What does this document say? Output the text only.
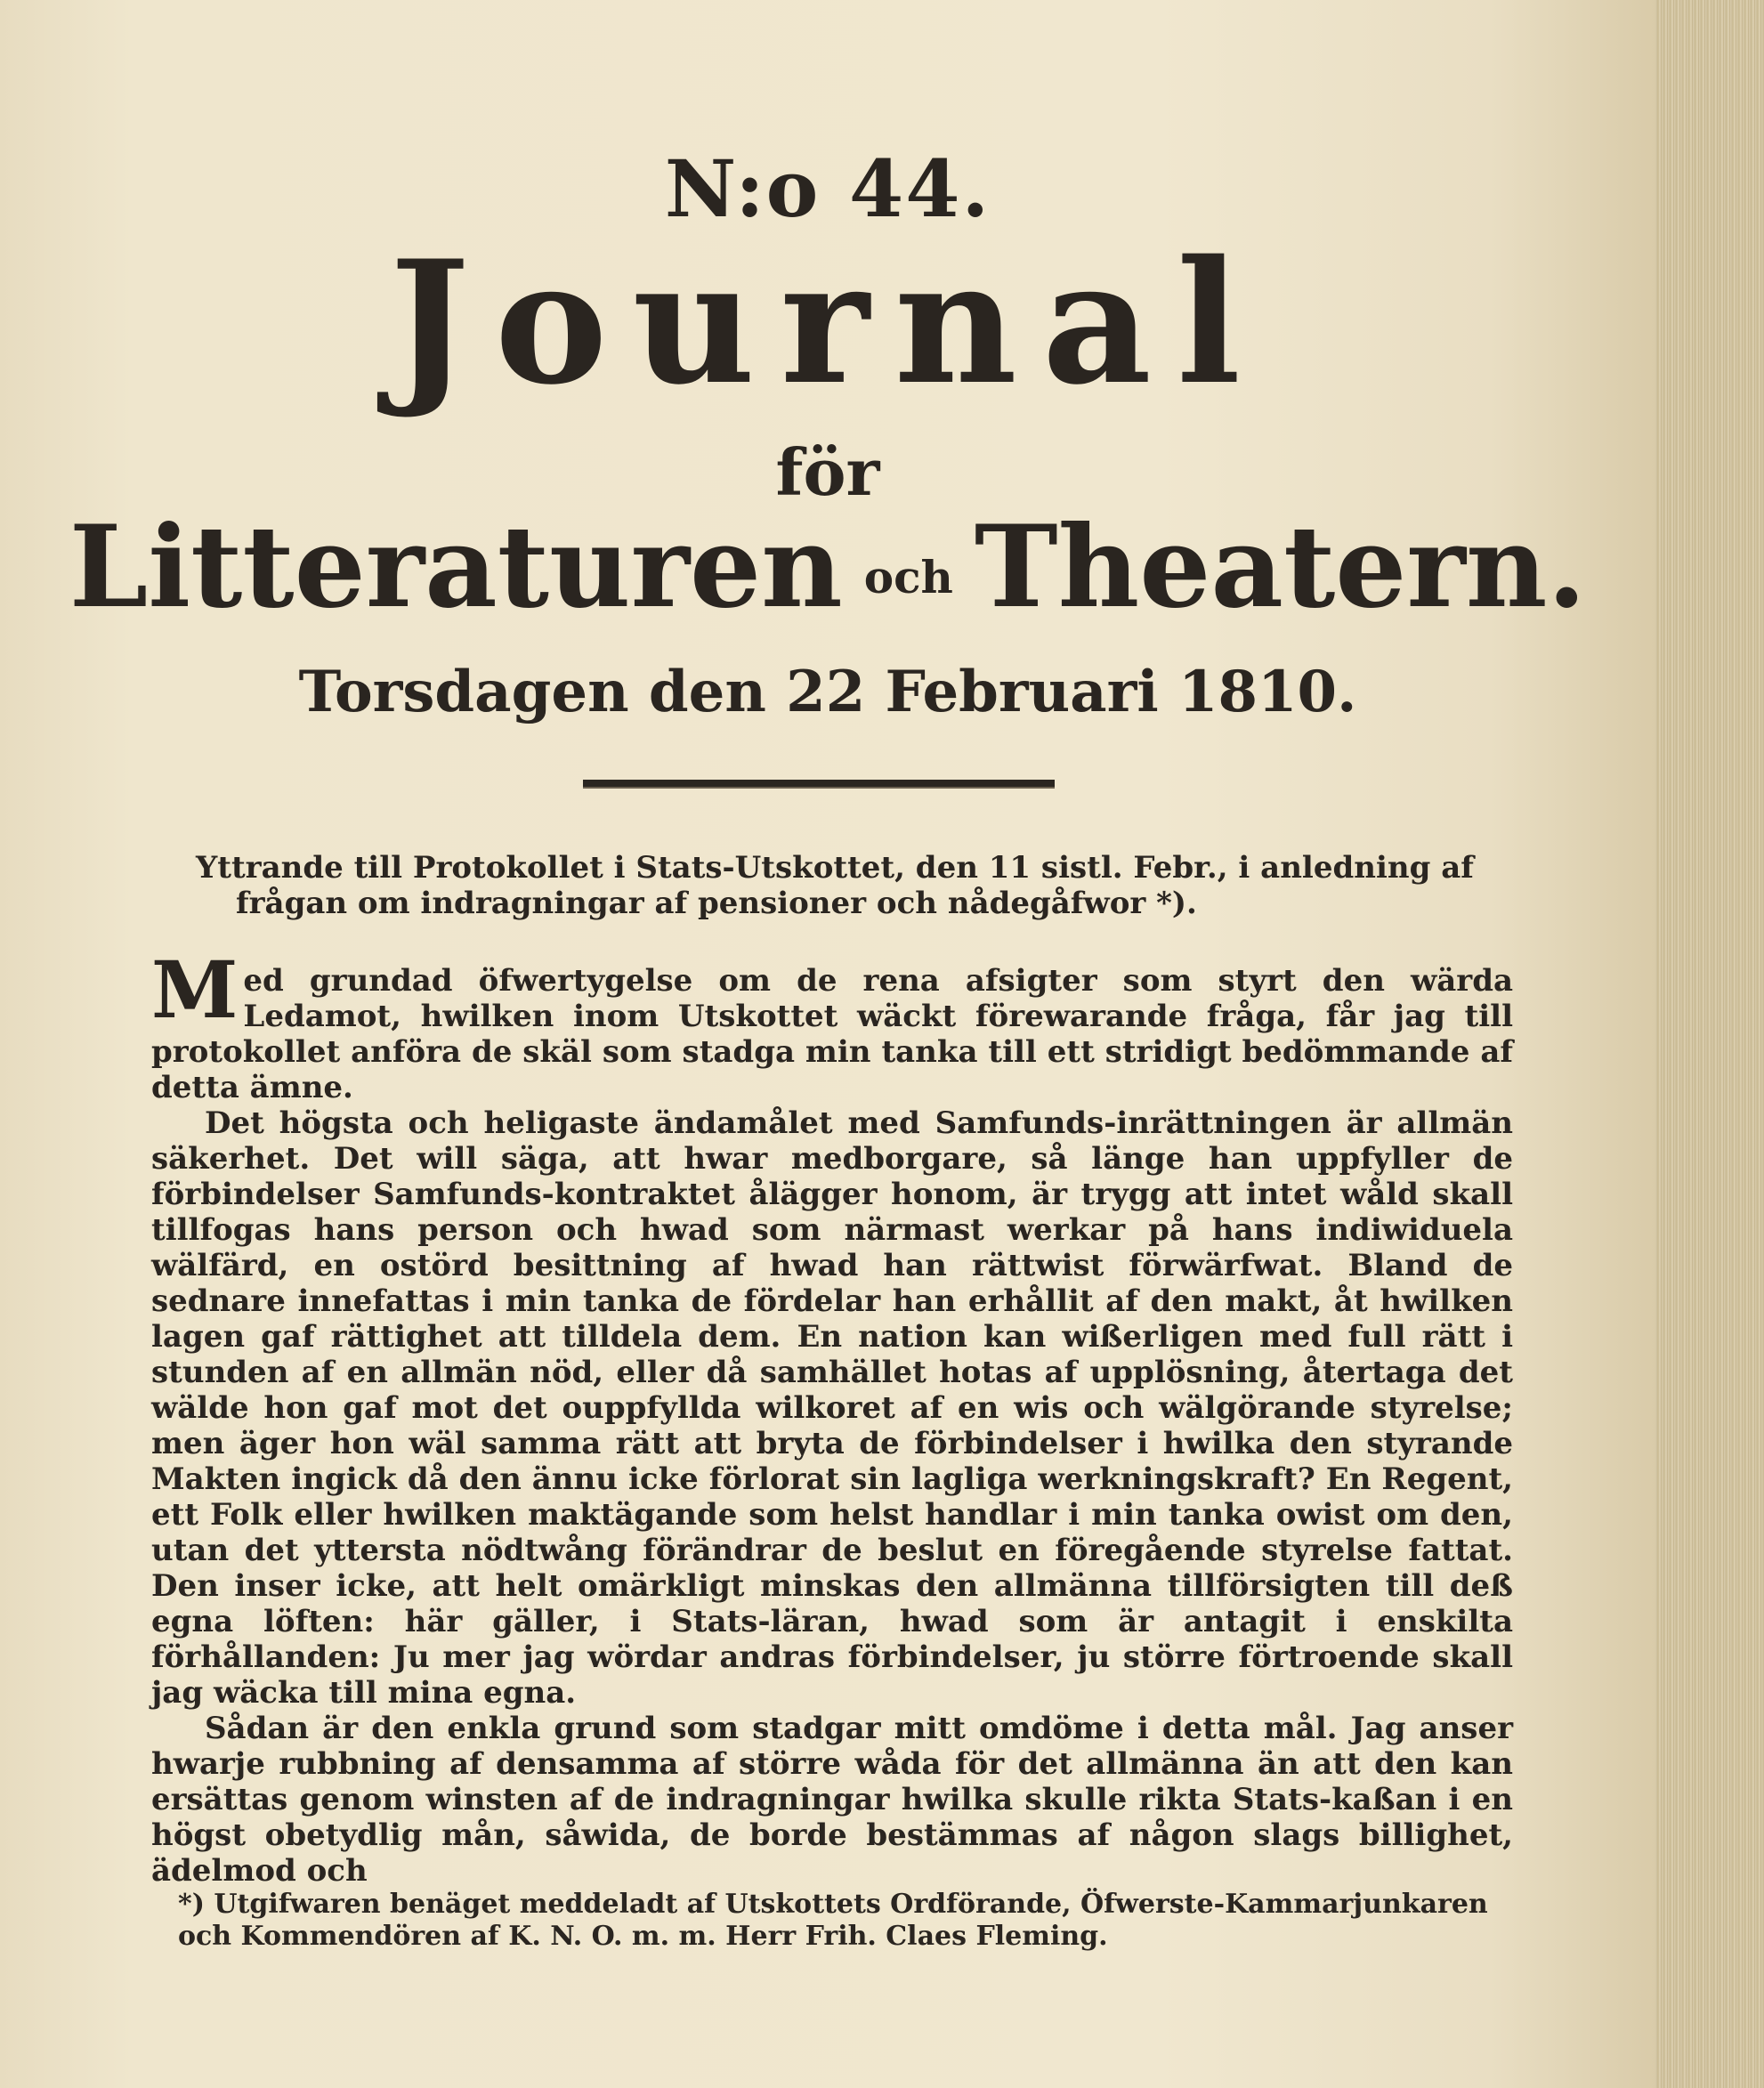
N:o 44.
Journal
för
Litteraturen och Theatern.
Torsdagen den 22 Februari 1810.
Yttrande till Protokollet i Stats-Utskottet, den 11 sistl. Febr., i anledning af frågan om indragningar af pensioner och nådegåfwor *).

Med grundad öfwertygelse om de rena afsigter som styrt den wärda Ledamot, hwilken inom Utskottet wäckt förewarande fråga, får jag till protokollet anföra de skäl som stadga min tanka till ett stridigt bedömmande af detta ämne.

Det högsta och heligaste ändamålet med Samfunds-inrättningen är allmän säkerhet. Det will säga, att hwar medborgare, så länge han uppfyller de förbindelser Samfunds-kontraktet ålägger honom, är trygg att intet wåld skall tillfogas hans person och hwad som närmast werkar på hans indiwiduela wälfärd, en ostörd besittning af hwad han rättwist förwärfwat. Bland de sednare innefattas i min tanka de fördelar han erhållit af den makt, åt hwilken lagen gaf rättighet att tilldela dem. En nation kan wißerligen med full rätt i stunden af en allmän nöd, eller då samhället hotas af upplösning, återtaga det wälde hon gaf mot det ouppfyllda wilkoret af en wis och wälgörande styrelse; men äger hon wäl samma rätt att bryta de förbindelser i hwilka den styrande Makten ingick då den ännu icke förlorat sin lagliga werkningskraft? En Regent, ett Folk eller hwilken maktägande som helst handlar i min tanka owist om den, utan det yttersta nödtwång förändrar de beslut en föregående styrelse fattat. Den inser icke, att helt omärkligt minskas den allmänna tillförsigten till deß egna löften: här gäller, i Stats-läran, hwad som är antagit i enskilta förhållanden: Ju mer jag wördar andras förbindelser, ju större förtroende skall jag wäcka till mina egna.

Sådan är den enkla grund som stadgar mitt omdöme i detta mål. Jag anser hwarje rubbning af densamma af större wåda för det allmänna än att den kan ersättas genom winsten af de indragningar hwilka skulle rikta Stats-kaßan i en högst obetydlig mån, såwida, de borde bestämmas af någon slags billighet, ädelmod och

*) Utgifwaren benäget meddeladt af Utskottets Ordförande, Öfwerste-Kammarjunkaren och Kommendören af K. N. O. m. m. Herr Frih. Claes Fleming.
